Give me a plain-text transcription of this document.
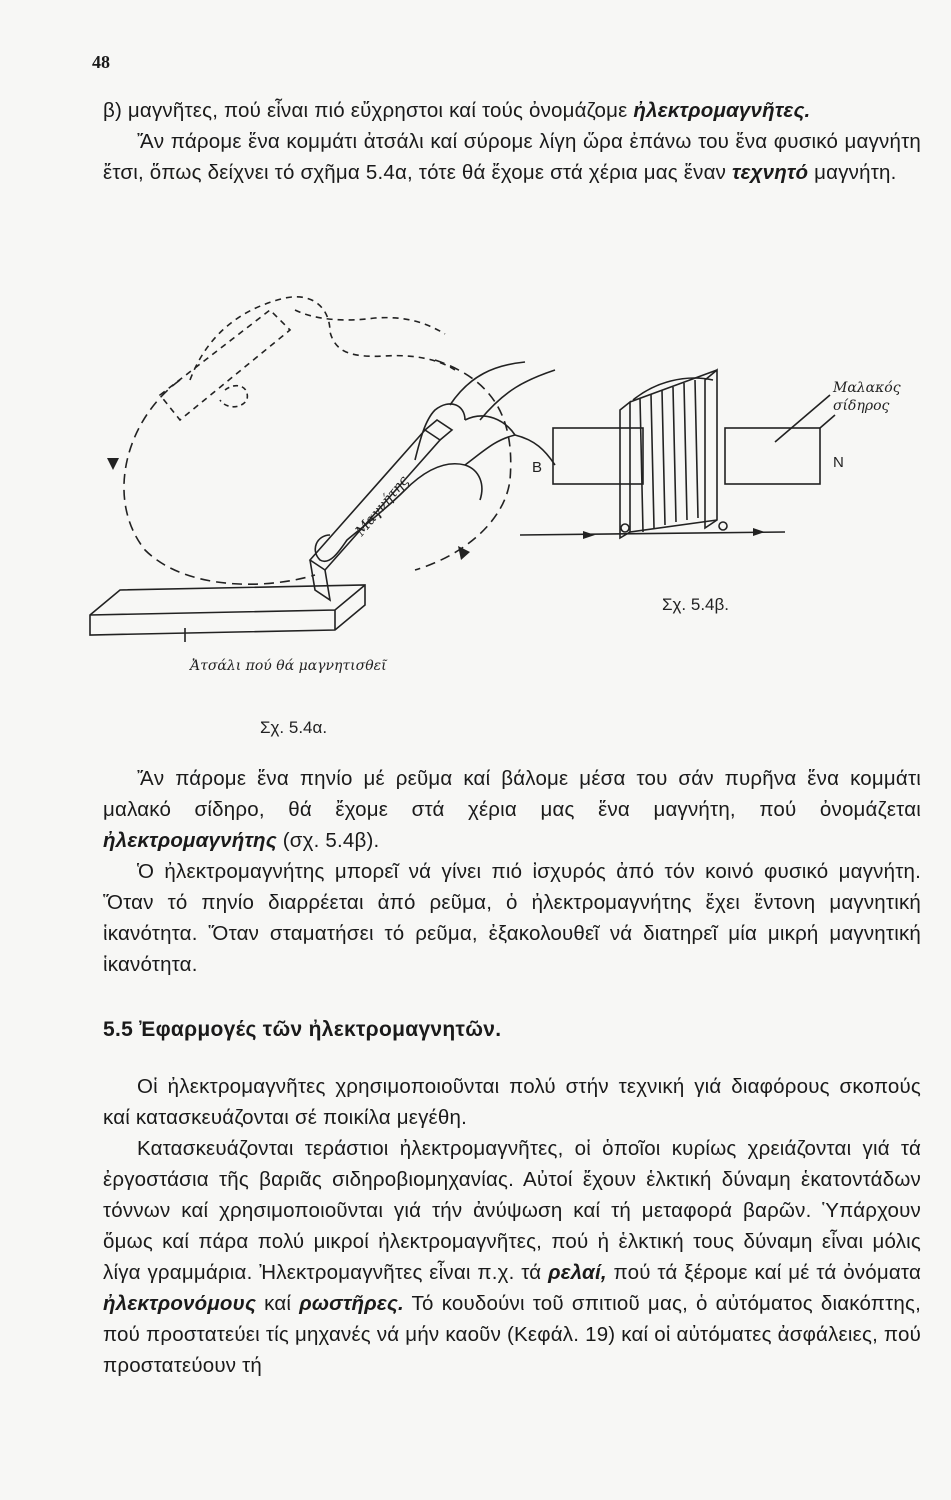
48
β) μαγνῆτες, πού εἶναι πιό εὔχρηστοι καί τούς ὀνομάζομε ἠλεκτρομαγνῆτες.
Ἄν πάρομε ἕνα κομμάτι ἀτσάλι καί σύρομε λίγη ὥρα ἐπάνω του ἕνα φυσικό μαγνήτη ἔτσι, ὅπως δείχνει τό σχῆμα 5.4α, τότε θά ἔχομε στά χέρια μας ἕναν τεχνητό μαγνήτη.
Μαγνήτης
Ἀτσάλι πού θά μαγνητισθεῖ
Σχ. 5.4α.
B	N
Μαλακός
σίδηρος
Σχ. 5.4β.
Ἄν πάρομε ἕνα πηνίο μέ ρεῦμα καί βάλομε μέσα του σάν πυρῆνα ἕνα κομμάτι μαλακό σίδηρο, θά ἔχομε στά χέρια μας ἕνα μαγνήτη, πού ὀνομάζεται ἠλεκτρομαγνήτης (σχ. 5.4β).
Ὁ ἠλεκτρομαγνήτης μπορεῖ νά γίνει πιό ἰσχυρός ἀπό τόν κοινό φυσικό μαγνήτη. Ὅταν τό πηνίο διαρρέεται ἀπό ρεῦμα, ὁ ἠλεκτρομαγνήτης ἔχει ἔντονη μαγνητική ἱκανότητα. Ὅταν σταματήσει τό ρεῦμα, ἐξακολουθεῖ νά διατηρεῖ μία μικρή μαγνητική ἱκανότητα.
5.5 Ἐφαρμογές τῶν ἠλεκτρομαγνητῶν.
Οἱ ἠλεκτρομαγνῆτες χρησιμοποιοῦνται πολύ στήν τεχνική γιά διαφόρους σκοπούς καί κατασκευάζονται σέ ποικίλα μεγέθη.
Κατασκευάζονται τεράστιοι ἠλεκτρομαγνῆτες, οἱ ὁποῖοι κυρίως χρειάζονται γιά τά ἐργοστάσια τῆς βαριᾶς σιδηροβιομηχανίας. Αὐτοί ἔχουν ἑλκτική δύναμη ἑκατοντάδων τόννων καί χρησιμοποιοῦνται γιά τήν ἀνύψωση καί τή μεταφορά βαρῶν. Ὑπάρχουν ὅμως καί πάρα πολύ μικροί ἠλεκτρομαγνῆτες, πού ἡ ἑλκτική τους δύναμη εἶναι μόλις λίγα γραμμάρια. Ἠλεκτρομαγνῆτες εἶναι π.χ. τά ρελαί, πού τά ξέρομε καί μέ τά ὀνόματα ἠλεκτρονόμους καί ρωστῆρες. Τό κουδούνι τοῦ σπιτιοῦ μας, ὁ αὐτόματος διακόπτης, πού προστατεύει τίς μηχανές νά μήν καοῦν (Κεφάλ. 19) καί οἱ αὐτόματες ἀσφάλειες, πού προστατεύουν τή
